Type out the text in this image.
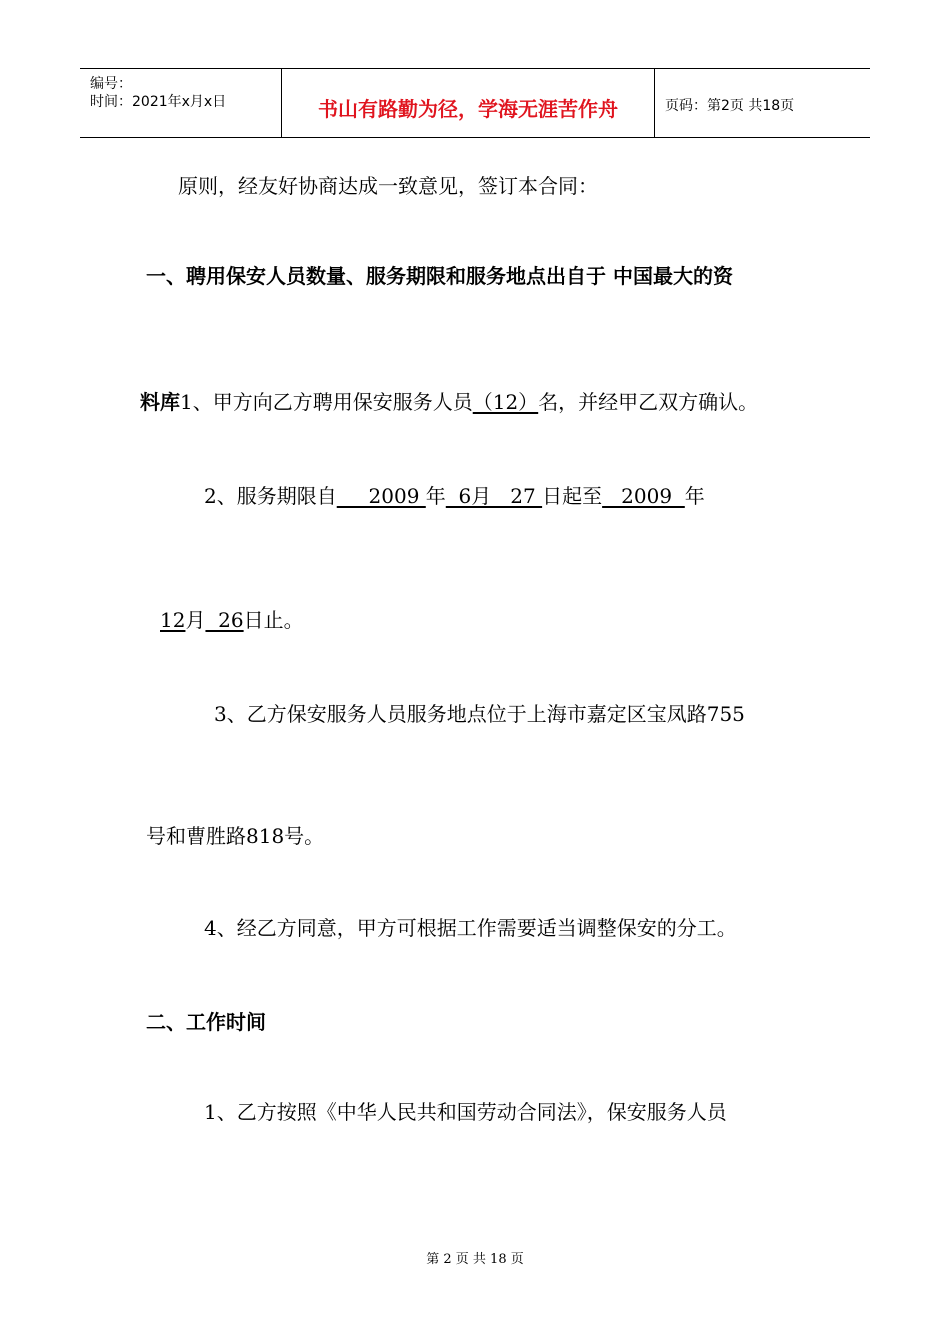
编号：
时间：2021年x月x日	书山有路勤为径，学海无涯苦作舟	页码：第2页 共18页
原则，经友好协商达成一致意见，签订本合同：
一、聘用保安人员数量、服务期限和服务地点出自于 中国最大的资
料库1、甲方向乙方聘用保安服务人员（12）名，并经甲乙双方确认。
2、服务期限自     2009 年  6月   27 日起至   2009  年
12月  26日止。
3、乙方保安服务人员服务地点位于上海市嘉定区宝凤路755
号和曹胜路818号。
4、经乙方同意，甲方可根据工作需要适当调整保安的分工。
二、工作时间
1、乙方按照《中华人民共和国劳动合同法》，保安服务人员
第 2 页 共 18 页
